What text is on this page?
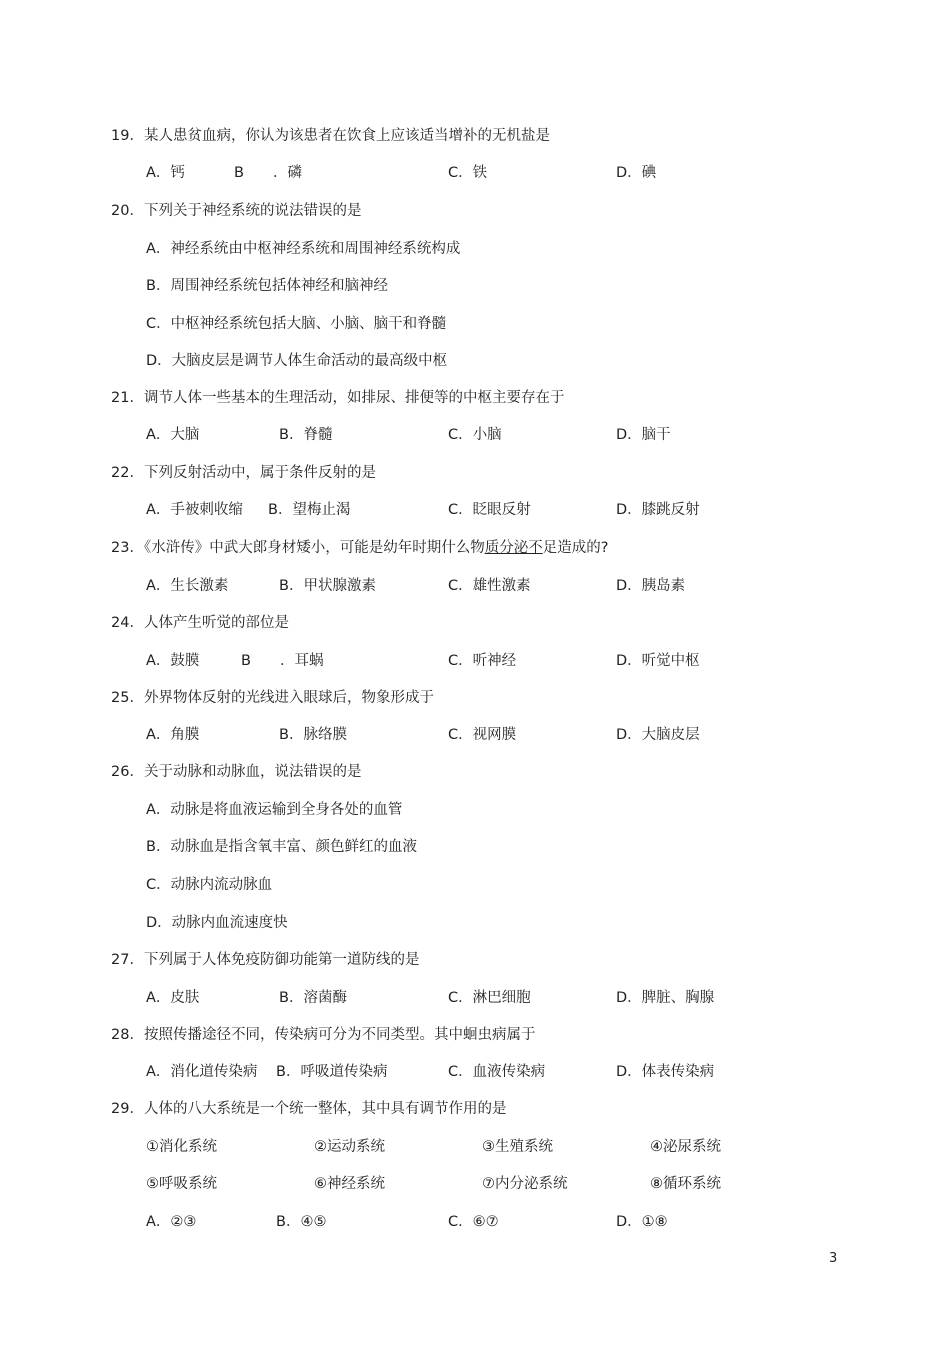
19．某人患贫血病，你认为该患者在饮食上应该适当增补的无机盐是
A．钙	B　　．磷	C．铁	D．碘
20．下列关于神经系统的说法错误的是
A．神经系统由中枢神经系统和周围神经系统构成
B．周围神经系统包括体神经和脑神经
C．中枢神经系统包括大脑、小脑、脑干和脊髓
D．大脑皮层是调节人体生命活动的最高级中枢
21．调节人体一些基本的生理活动，如排尿、排便等的中枢主要存在于
A．大脑	B．脊髓	C．小脑	D．脑干
22．下列反射活动中，属于条件反射的是
A．手被刺收缩 B．望梅止渴	C．眨眼反射	D．膝跳反射
23．《水浒传》中武大郎身材矮小，可能是幼年时期什么物质分泌不足造成的?
A．生长激素	B．甲状腺激素	C．雄性激素	D．胰岛素
24．人体产生听觉的部位是
A．鼓膜	B　　．耳蜗	C．听神经	D．听觉中枢
25．外界物体反射的光线进入眼球后，物象形成于
A．角膜	B．脉络膜	C．视网膜	D．大脑皮层
26．关于动脉和动脉血，说法错误的是
A．动脉是将血液运输到全身各处的血管
B．动脉血是指含氧丰富、颜色鲜红的血液
C．动脉内流动脉血
D．动脉内血流速度快
27．下列属于人体免疫防御功能第一道防线的是
A．皮肤	B．溶菌酶	C．淋巴细胞	D．脾脏、胸腺
28．按照传播途径不同，传染病可分为不同类型。其中蛔虫病属于
A．消化道传染病 B．呼吸道传染病	C．血液传染病	D．体表传染病
29．人体的八大系统是一个统一整体，其中具有调节作用的是
①消化系统	②运动系统	③生殖系统	④泌尿系统
⑤呼吸系统	⑥神经系统	⑦内分泌系统	⑧循环系统
A．②③	B．④⑤	C．⑥⑦	D．①⑧
3
